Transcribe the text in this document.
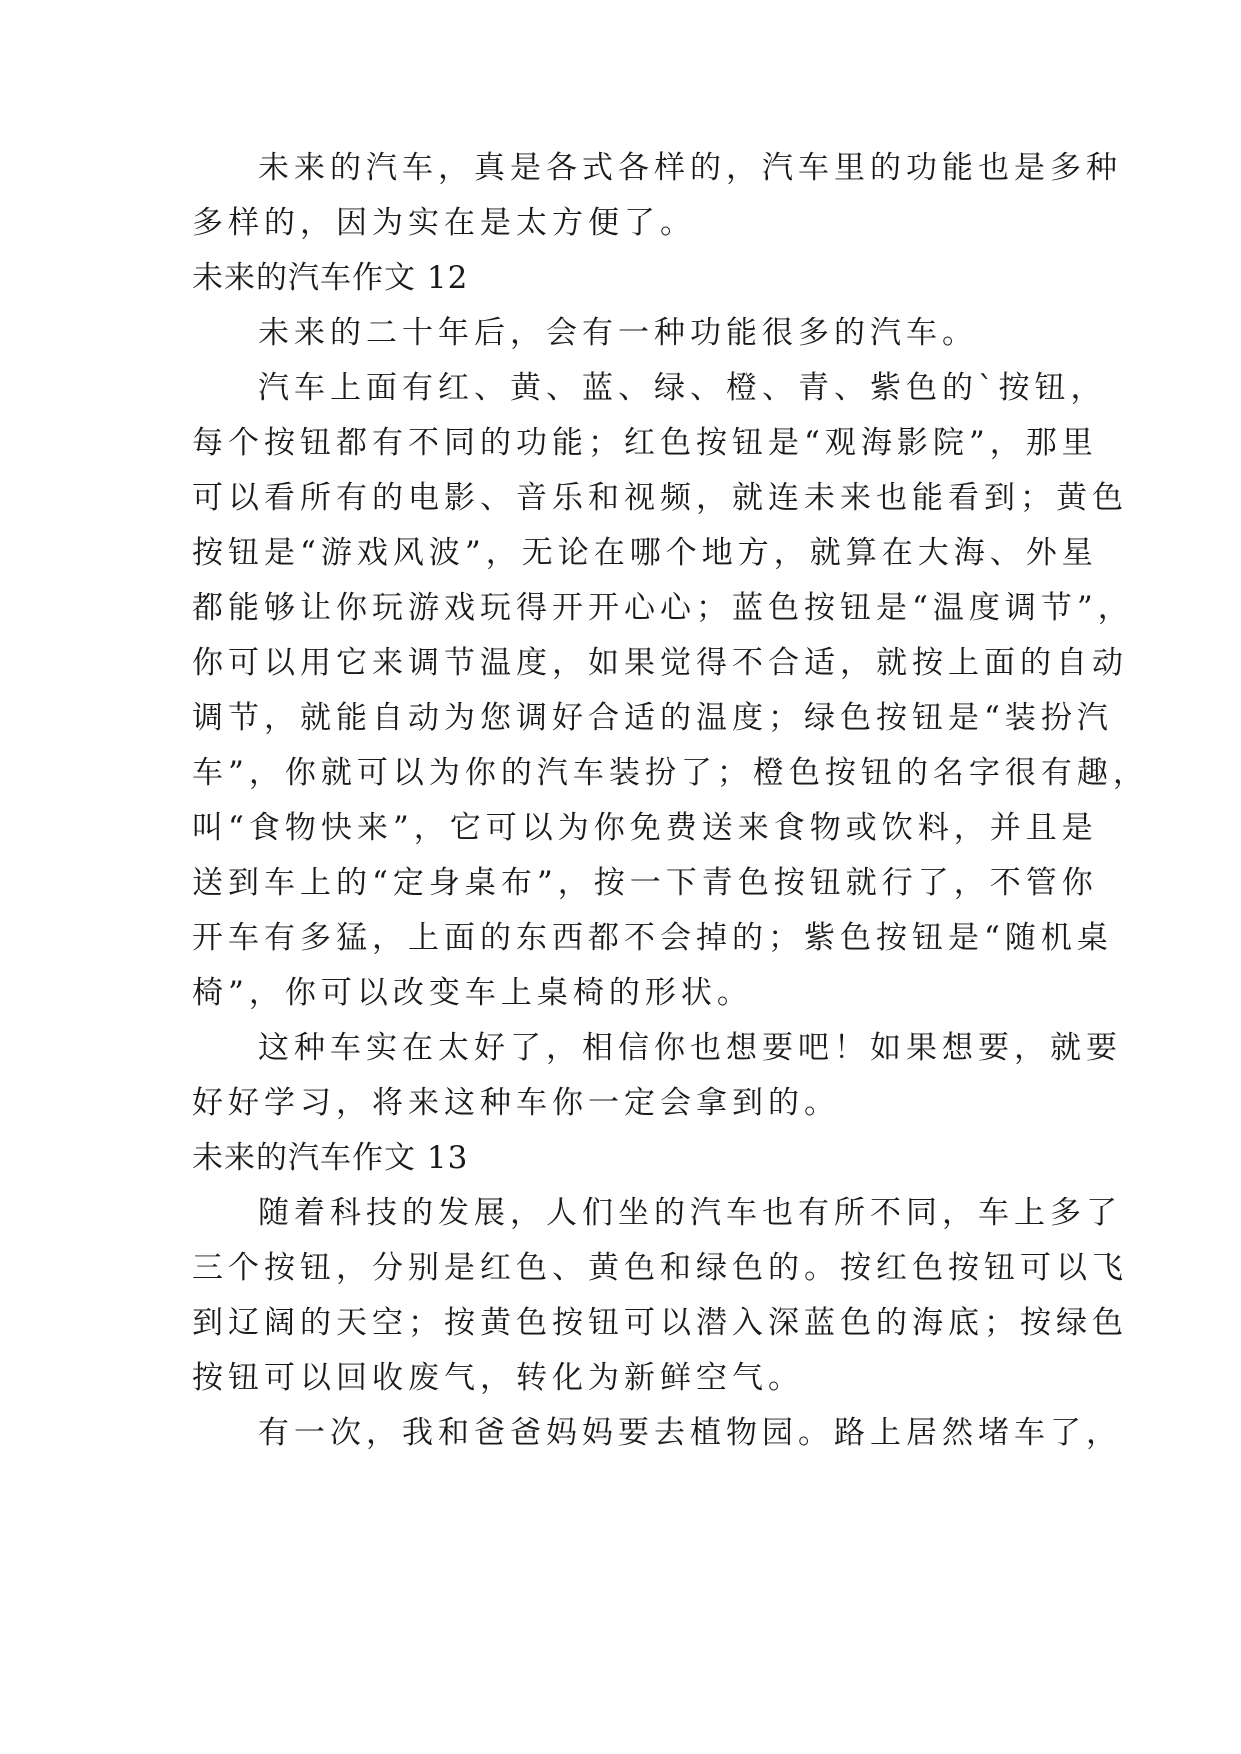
未来的汽车，真是各式各样的，汽车里的功能也是多种
多样的，因为实在是太方便了。
未来的汽车作文 12
未来的二十年后，会有一种功能很多的汽车。
汽车上面有红、黄、蓝、绿、橙、青、紫色的`按钮，
每个按钮都有不同的功能；红色按钮是“观海影院”，那里
可以看所有的电影、音乐和视频，就连未来也能看到；黄色
按钮是“游戏风波”，无论在哪个地方，就算在大海、外星
都能够让你玩游戏玩得开开心心；蓝色按钮是“温度调节”，
你可以用它来调节温度，如果觉得不合适，就按上面的自动
调节，就能自动为您调好合适的温度；绿色按钮是“装扮汽
车”，你就可以为你的汽车装扮了；橙色按钮的名字很有趣，
叫“食物快来”，它可以为你免费送来食物或饮料，并且是
送到车上的“定身桌布”，按一下青色按钮就行了，不管你
开车有多猛，上面的东西都不会掉的；紫色按钮是“随机桌
椅”，你可以改变车上桌椅的形状。
这种车实在太好了，相信你也想要吧！如果想要，就要
好好学习，将来这种车你一定会拿到的。
未来的汽车作文 13
随着科技的发展，人们坐的汽车也有所不同，车上多了
三个按钮，分别是红色、黄色和绿色的。按红色按钮可以飞
到辽阔的天空；按黄色按钮可以潜入深蓝色的海底；按绿色
按钮可以回收废气，转化为新鲜空气。
有一次，我和爸爸妈妈要去植物园。路上居然堵车了，
